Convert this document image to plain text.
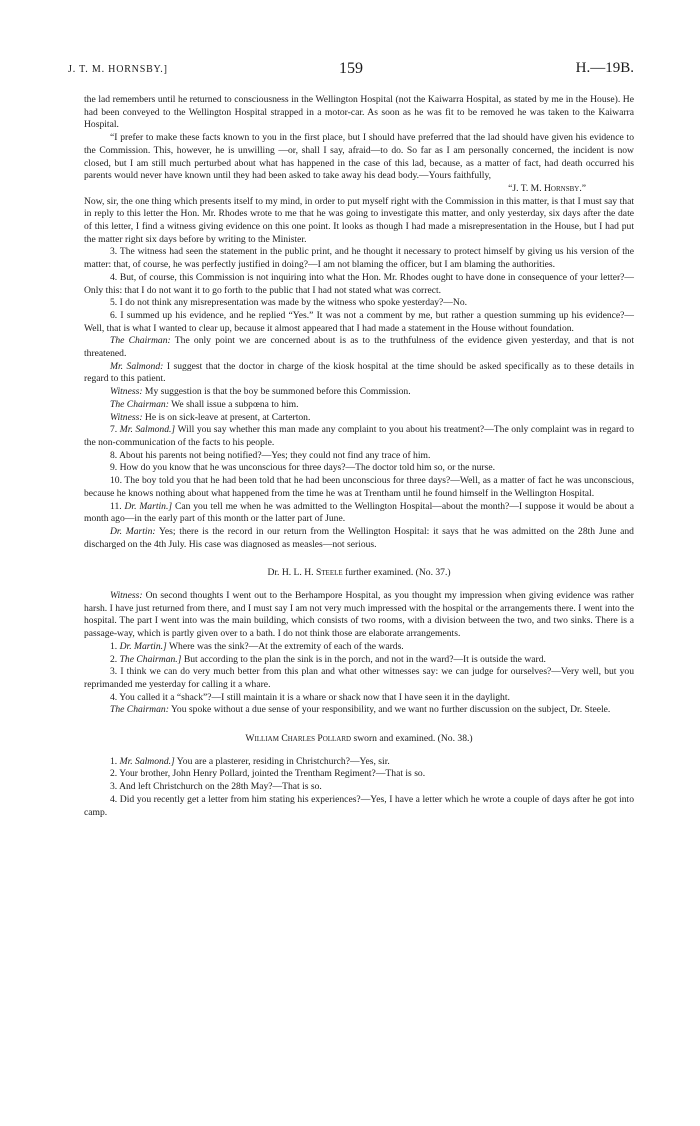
J. T. M. HORNSBY.]	159	H.—19B.

the lad remembers until he returned to consciousness in the Wellington Hospital (not the Kaiwarra Hospital, as stated by me in the House). He had been conveyed to the Wellington Hospital strapped in a motor-car. As soon as he was fit to be removed he was taken to the Kaiwarra Hospital.

“I prefer to make these facts known to you in the first place, but I should have preferred that the lad should have given his evidence to the Commission. This, however, he is unwilling —or, shall I say, afraid—to do. So far as I am personally concerned, the incident is now closed, but I am still much perturbed about what has happened in the case of this lad, because, as a matter of fact, had death occurred his parents would never have known until they had been asked to take away his dead body.—Yours faithfully,

“J. T. M. Hornsby.”

Now, sir, the one thing which presents itself to my mind, in order to put myself right with the Commission in this matter, is that I must say that in reply to this letter the Hon. Mr. Rhodes wrote to me that he was going to investigate this matter, and only yesterday, six days after the date of this letter, I find a witness giving evidence on this one point. It looks as though I had made a misrepresentation in the House, but I had put the matter right six days before by writing to the Minister.

3. The witness had seen the statement in the public print, and he thought it necessary to protect himself by giving us his version of the matter: that, of course, he was perfectly justified in doing?—I am not blaming the officer, but I am blaming the authorities.

4. But, of course, this Commission is not inquiring into what the Hon. Mr. Rhodes ought to have done in consequence of your letter?—Only this: that I do not want it to go forth to the public that I had not stated what was correct.

5. I do not think any misrepresentation was made by the witness who spoke yesterday?—No.

6. I summed up his evidence, and he replied “Yes.” It was not a comment by me, but rather a question summing up his evidence?—Well, that is what I wanted to clear up, because it almost appeared that I had made a statement in the House without foundation.

The Chairman: The only point we are concerned about is as to the truthfulness of the evidence given yesterday, and that is not threatened.

Mr. Salmond: I suggest that the doctor in charge of the kiosk hospital at the time should be asked specifically as to these details in regard to this patient.

Witness: My suggestion is that the boy be summoned before this Commission.

The Chairman: We shall issue a subpœna to him.

Witness: He is on sick-leave at present, at Carterton.

7. Mr. Salmond.] Will you say whether this man made any complaint to you about his treatment?—The only complaint was in regard to the non-communication of the facts to his people.

8. About his parents not being notified?—Yes; they could not find any trace of him.

9. How do you know that he was unconscious for three days?—The doctor told him so, or the nurse.

10. The boy told you that he had been told that he had been unconscious for three days?—Well, as a matter of fact he was unconscious, because he knows nothing about what happened from the time he was at Trentham until he found himself in the Wellington Hospital.

11. Dr. Martin.] Can you tell me when he was admitted to the Wellington Hospital—about the month?—I suppose it would be about a month ago—in the early part of this month or the latter part of June.

Dr. Martin: Yes; there is the record in our return from the Wellington Hospital: it says that he was admitted on the 28th June and discharged on the 4th July. His case was diagnosed as measles—not serious.

Dr. H. L. H. Steele further examined. (No. 37.)

Witness: On second thoughts I went out to the Berhampore Hospital, as you thought my impression when giving evidence was rather harsh. I have just returned from there, and I must say I am not very much impressed with the hospital or the arrangements there. I went into the hospital. The part I went into was the main building, which consists of two rooms, with a division between the two, and two sinks. There is a passage-way, which is partly given over to a bath. I do not think those are elaborate arrangements.

1. Dr. Martin.] Where was the sink?—At the extremity of each of the wards.

2. The Chairman.] But according to the plan the sink is in the porch, and not in the ward?—It is outside the ward.

3. I think we can do very much better from this plan and what other witnesses say: we can judge for ourselves?—Very well, but you reprimanded me yesterday for calling it a whare.

4. You called it a “shack”?—I still maintain it is a whare or shack now that I have seen it in the daylight.

The Chairman: You spoke without a due sense of your responsibility, and we want no further discussion on the subject, Dr. Steele.

William Charles Pollard sworn and examined. (No. 38.)

1. Mr. Salmond.] You are a plasterer, residing in Christchurch?—Yes, sir.

2. Your brother, John Henry Pollard, jointed the Trentham Regiment?—That is so.

3. And left Christchurch on the 28th May?—That is so.

4. Did you recently get a letter from him stating his experiences?—Yes, I have a letter which he wrote a couple of days after he got into camp.
